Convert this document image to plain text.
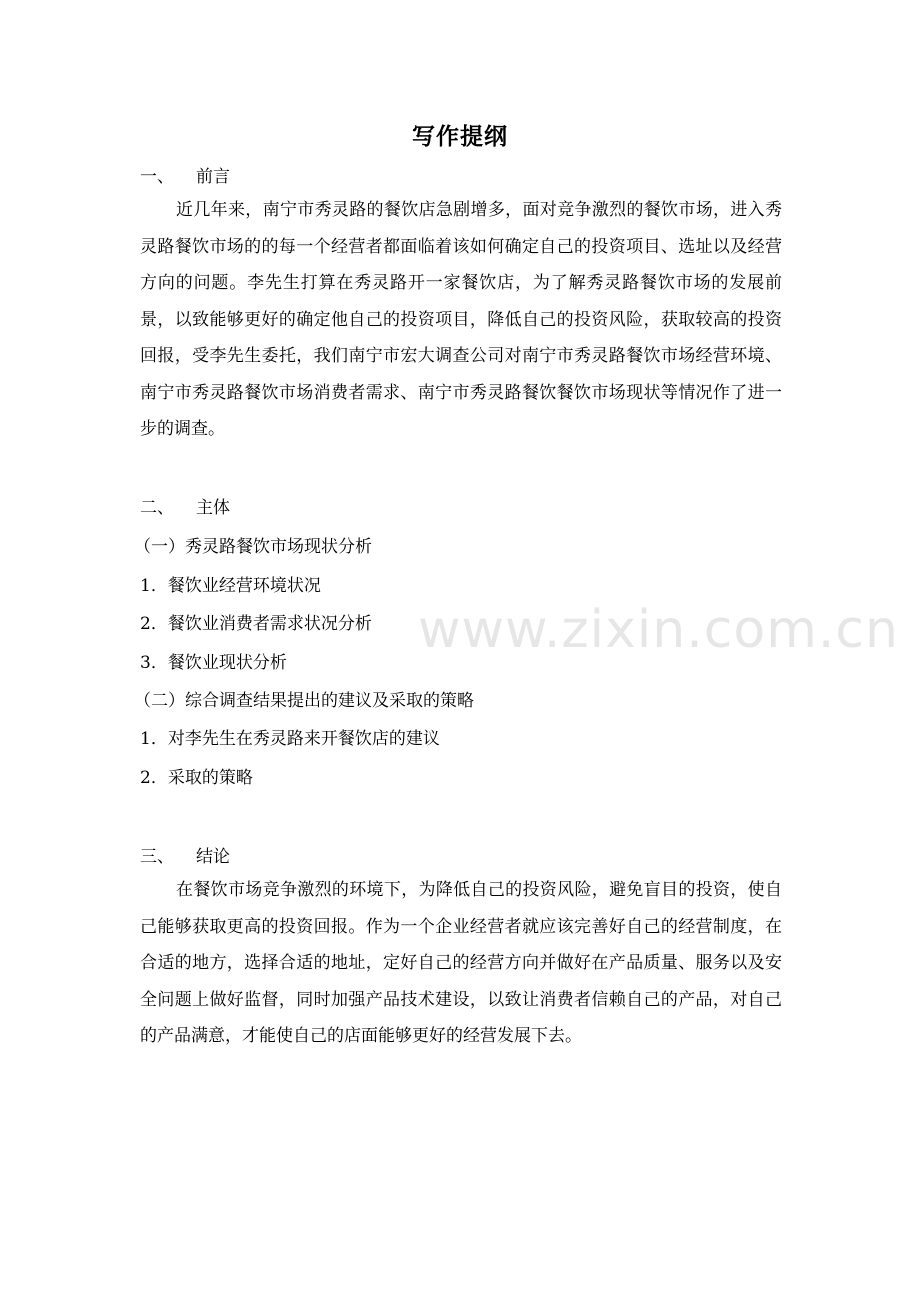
写作提纲
一、 前言

近几年来，南宁市秀灵路的餐饮店急剧增多，面对竞争激烈的餐饮市场，进入秀灵路餐饮市场的的每一个经营者都面临着该如何确定自己的投资项目、选址以及经营方向的问题。李先生打算在秀灵路开一家餐饮店，为了解秀灵路餐饮市场的发展前景，以致能够更好的确定他自己的投资项目，降低自己的投资风险，获取较高的投资回报，受李先生委托，我们南宁市宏大调查公司对南宁市秀灵路餐饮市场经营环境、南宁市秀灵路餐饮市场消费者需求、南宁市秀灵路餐饮餐饮市场现状等情况作了进一步的调查。

二、 主体
（一）秀灵路餐饮市场现状分析
1．餐饮业经营环境状况
2．餐饮业消费者需求状况分析
3．餐饮业现状分析
（二）综合调查结果提出的建议及采取的策略
1．对李先生在秀灵路来开餐饮店的建议
2．采取的策略
三、 结论

在餐饮市场竞争激烈的环境下，为降低自己的投资风险，避免盲目的投资，使自己能够获取更高的投资回报。作为一个企业经营者就应该完善好自己的经营制度，在合适的地方，选择合适的地址，定好自己的经营方向并做好在产品质量、服务以及安全问题上做好监督，同时加强产品技术建设，以致让消费者信赖自己的产品，对自己的产品满意，才能使自己的店面能够更好的经营发展下去。

www.zixin.com.cn
